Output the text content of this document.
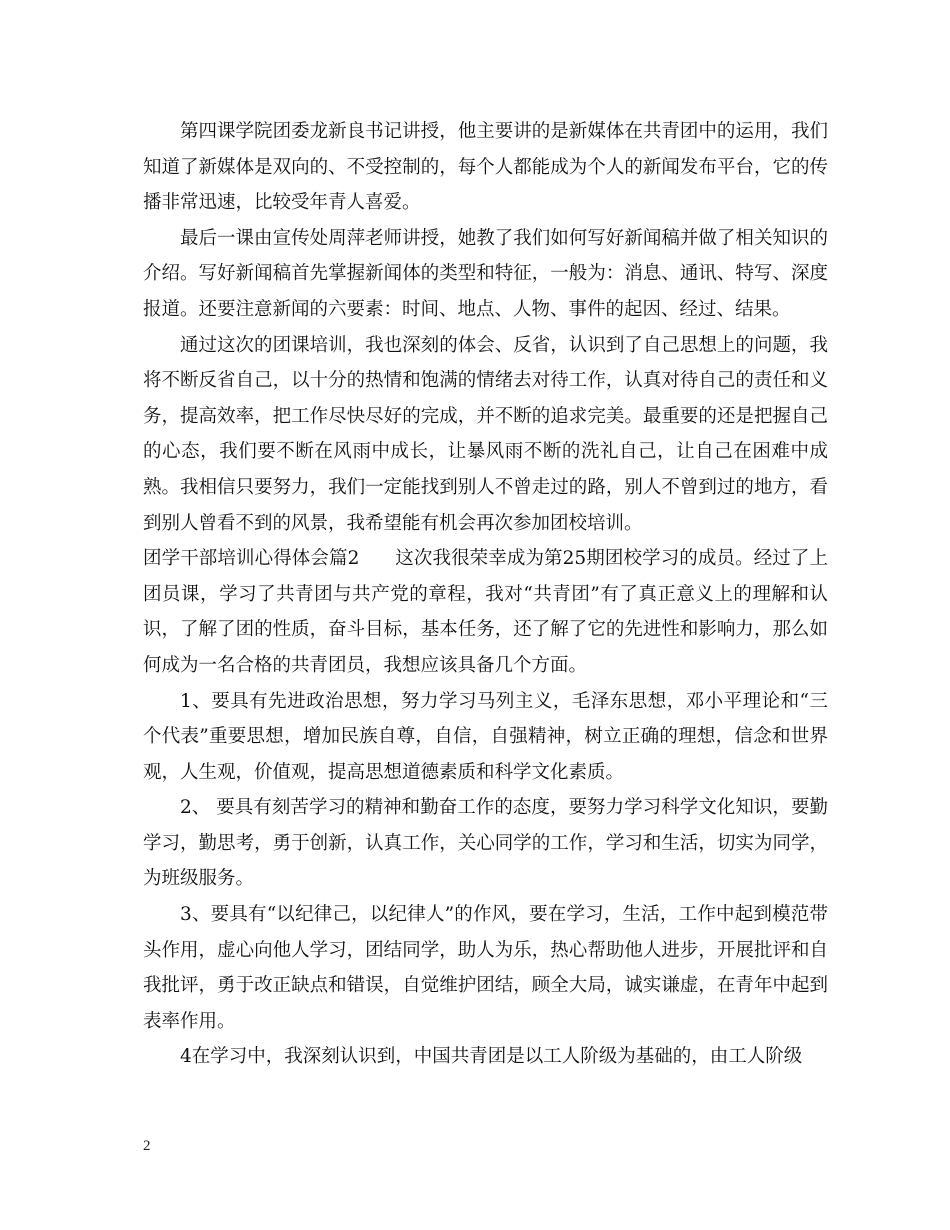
第四课学院团委龙新良书记讲授，他主要讲的是新媒体在共青团中的运用，我们知道了新媒体是双向的、不受控制的，每个人都能成为个人的新闻发布平台，它的传播非常迅速，比较受年青人喜爱。

最后一课由宣传处周萍老师讲授，她教了我们如何写好新闻稿并做了相关知识的介绍。写好新闻稿首先掌握新闻体的类型和特征，一般为：消息、通讯、特写、深度报道。还要注意新闻的六要素：时间、地点、人物、事件的起因、经过、结果。

通过这次的团课培训，我也深刻的体会、反省，认识到了自己思想上的问题，我将不断反省自己，以十分的热情和饱满的情绪去对待工作，认真对待自己的责任和义务，提高效率，把工作尽快尽好的完成，并不断的追求完美。最重要的还是把握自己的心态，我们要不断在风雨中成长，让暴风雨不断的洗礼自己，让自己在困难中成熟。我相信只要努力，我们一定能找到别人不曾走过的路，别人不曾到过的地方，看到别人曾看不到的风景，我希望能有机会再次参加团校培训。

团学干部培训心得体会篇2 这次我很荣幸成为第25期团校学习的成员。经过了上团员课，学习了共青团与共产党的章程，我对“共青团”有了真正意义上的理解和认识，了解了团的性质，奋斗目标，基本任务，还了解了它的先进性和影响力，那么如何成为一名合格的共青团员，我想应该具备几个方面。

1、要具有先进政治思想，努力学习马列主义，毛泽东思想，邓小平理论和“三个代表”重要思想，增加民族自尊，自信，自强精神，树立正确的理想，信念和世界观，人生观，价值观，提高思想道德素质和科学文化素质。

2、 要具有刻苦学习的精神和勤奋工作的态度，要努力学习科学文化知识，要勤学习，勤思考，勇于创新，认真工作，关心同学的工作，学习和生活，切实为同学，为班级服务。

3、要具有“以纪律己，以纪律人”的作风，要在学习，生活，工作中起到模范带头作用，虚心向他人学习，团结同学，助人为乐，热心帮助他人进步，开展批评和自我批评，勇于改正缺点和错误，自觉维护团结，顾全大局，诚实谦虚，在青年中起到表率作用。

4在学习中，我深刻认识到，中国共青团是以工人阶级为基础的，由工人阶级

2
